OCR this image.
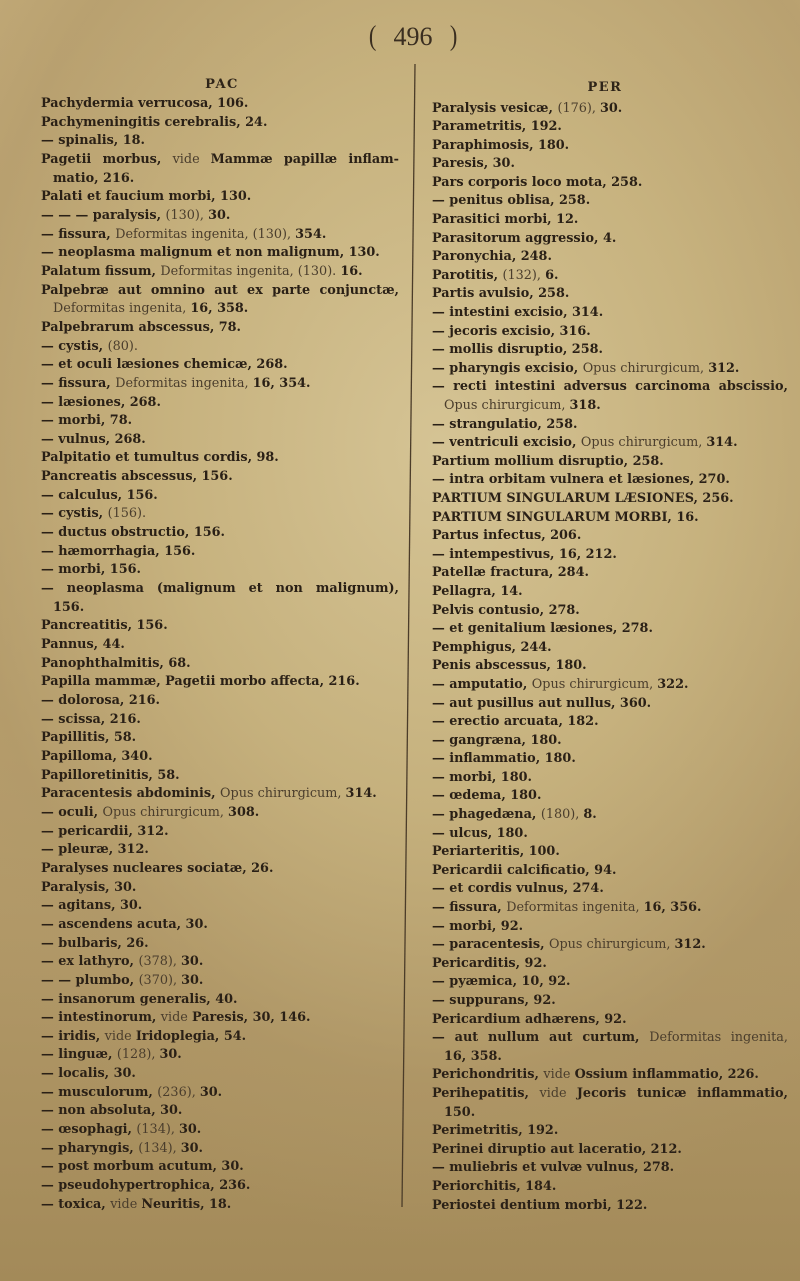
( 496 )
PAC	PER
Pachydermia verrucosa, 106.
Pachymeningitis cerebralis, 24.
— spinalis, 18.
Pagetii morbus, vide Mammæ papillæ inflam-
matio, 216.
Palati et faucium morbi, 130.
— — — paralysis, (130), 30.
— fissura, Deformitas ingenita, (130), 354.
— neoplasma malignum et non malignum, 130.
Palatum fissum, Deformitas ingenita, (130). 16.
Palpebræ aut omnino aut ex parte conjunctæ,
Deformitas ingenita, 16, 358.
Palpebrarum abscessus, 78.
— cystis, (80).
— et oculi læsiones chemicæ, 268.
— fissura, Deformitas ingenita, 16, 354.
— læsiones, 268.
— morbi, 78.
— vulnus, 268.
Palpitatio et tumultus cordis, 98.
Pancreatis abscessus, 156.
— calculus, 156.
— cystis, (156).
— ductus obstructio, 156.
— hæmorrhagia, 156.
— morbi, 156.
— neoplasma (malignum et non malignum),
156.
Pancreatitis, 156.
Pannus, 44.
Panophthalmitis, 68.
Papilla mammæ, Pagetii morbo affecta, 216.
— dolorosa, 216.
— scissa, 216.
Papillitis, 58.
Papilloma, 340.
Papilloretinitis, 58.
Paracentesis abdominis, Opus chirurgicum, 314.
— oculi, Opus chirurgicum, 308.
— pericardii, 312.
— pleuræ, 312.
Paralyses nucleares sociatæ, 26.
Paralysis, 30.
— agitans, 30.
— ascendens acuta, 30.
— bulbaris, 26.
— ex lathyro, (378), 30.
— — plumbo, (370), 30.
— insanorum generalis, 40.
— intestinorum, vide Paresis, 30, 146.
— iridis, vide Iridoplegia, 54.
— linguæ, (128), 30.
— localis, 30.
— musculorum, (236), 30.
— non absoluta, 30.
— œsophagi, (134), 30.
— pharyngis, (134), 30.
— post morbum acutum, 30.
— pseudohypertrophica, 236.
— toxica, vide Neuritis, 18.
Paralysis vesicæ, (176), 30.
Parametritis, 192.
Paraphimosis, 180.
Paresis, 30.
Pars corporis loco mota, 258.
— penitus oblisa, 258.
Parasitici morbi, 12.
Parasitorum aggressio, 4.
Paronychia, 248.
Parotitis, (132), 6.
Partis avulsio, 258.
— intestini excisio, 314.
— jecoris excisio, 316.
— mollis disruptio, 258.
— pharyngis excisio, Opus chirurgicum, 312.
— recti intestini adversus carcinoma abscissio,
Opus chirurgicum, 318.
— strangulatio, 258.
— ventriculi excisio, Opus chirurgicum, 314.
Partium mollium disruptio, 258.
— intra orbitam vulnera et læsiones, 270.
PARTIUM SINGULARUM LÆSIONES, 256.
PARTIUM SINGULARUM MORBI, 16.
Partus infectus, 206.
— intempestivus, 16, 212.
Patellæ fractura, 284.
Pellagra, 14.
Pelvis contusio, 278.
— et genitalium læsiones, 278.
Pemphigus, 244.
Penis abscessus, 180.
— amputatio, Opus chirurgicum, 322.
— aut pusillus aut nullus, 360.
— erectio arcuata, 182.
— gangræna, 180.
— inflammatio, 180.
— morbi, 180.
— œdema, 180.
— phagedæna, (180), 8.
— ulcus, 180.
Periarteritis, 100.
Pericardii calcificatio, 94.
— et cordis vulnus, 274.
— fissura, Deformitas ingenita, 16, 356.
— morbi, 92.
— paracentesis, Opus chirurgicum, 312.
Pericarditis, 92.
— pyæmica, 10, 92.
— suppurans, 92.
Pericardium adhærens, 92.
— aut nullum aut curtum, Deformitas ingenita,
16, 358.
Perichondritis, vide Ossium inflammatio, 226.
Perihepatitis, vide Jecoris tunicæ inflammatio,
150.
Perimetritis, 192.
Perinei diruptio aut laceratio, 212.
— muliebris et vulvæ vulnus, 278.
Periorchitis, 184.
Periostei dentium morbi, 122.
